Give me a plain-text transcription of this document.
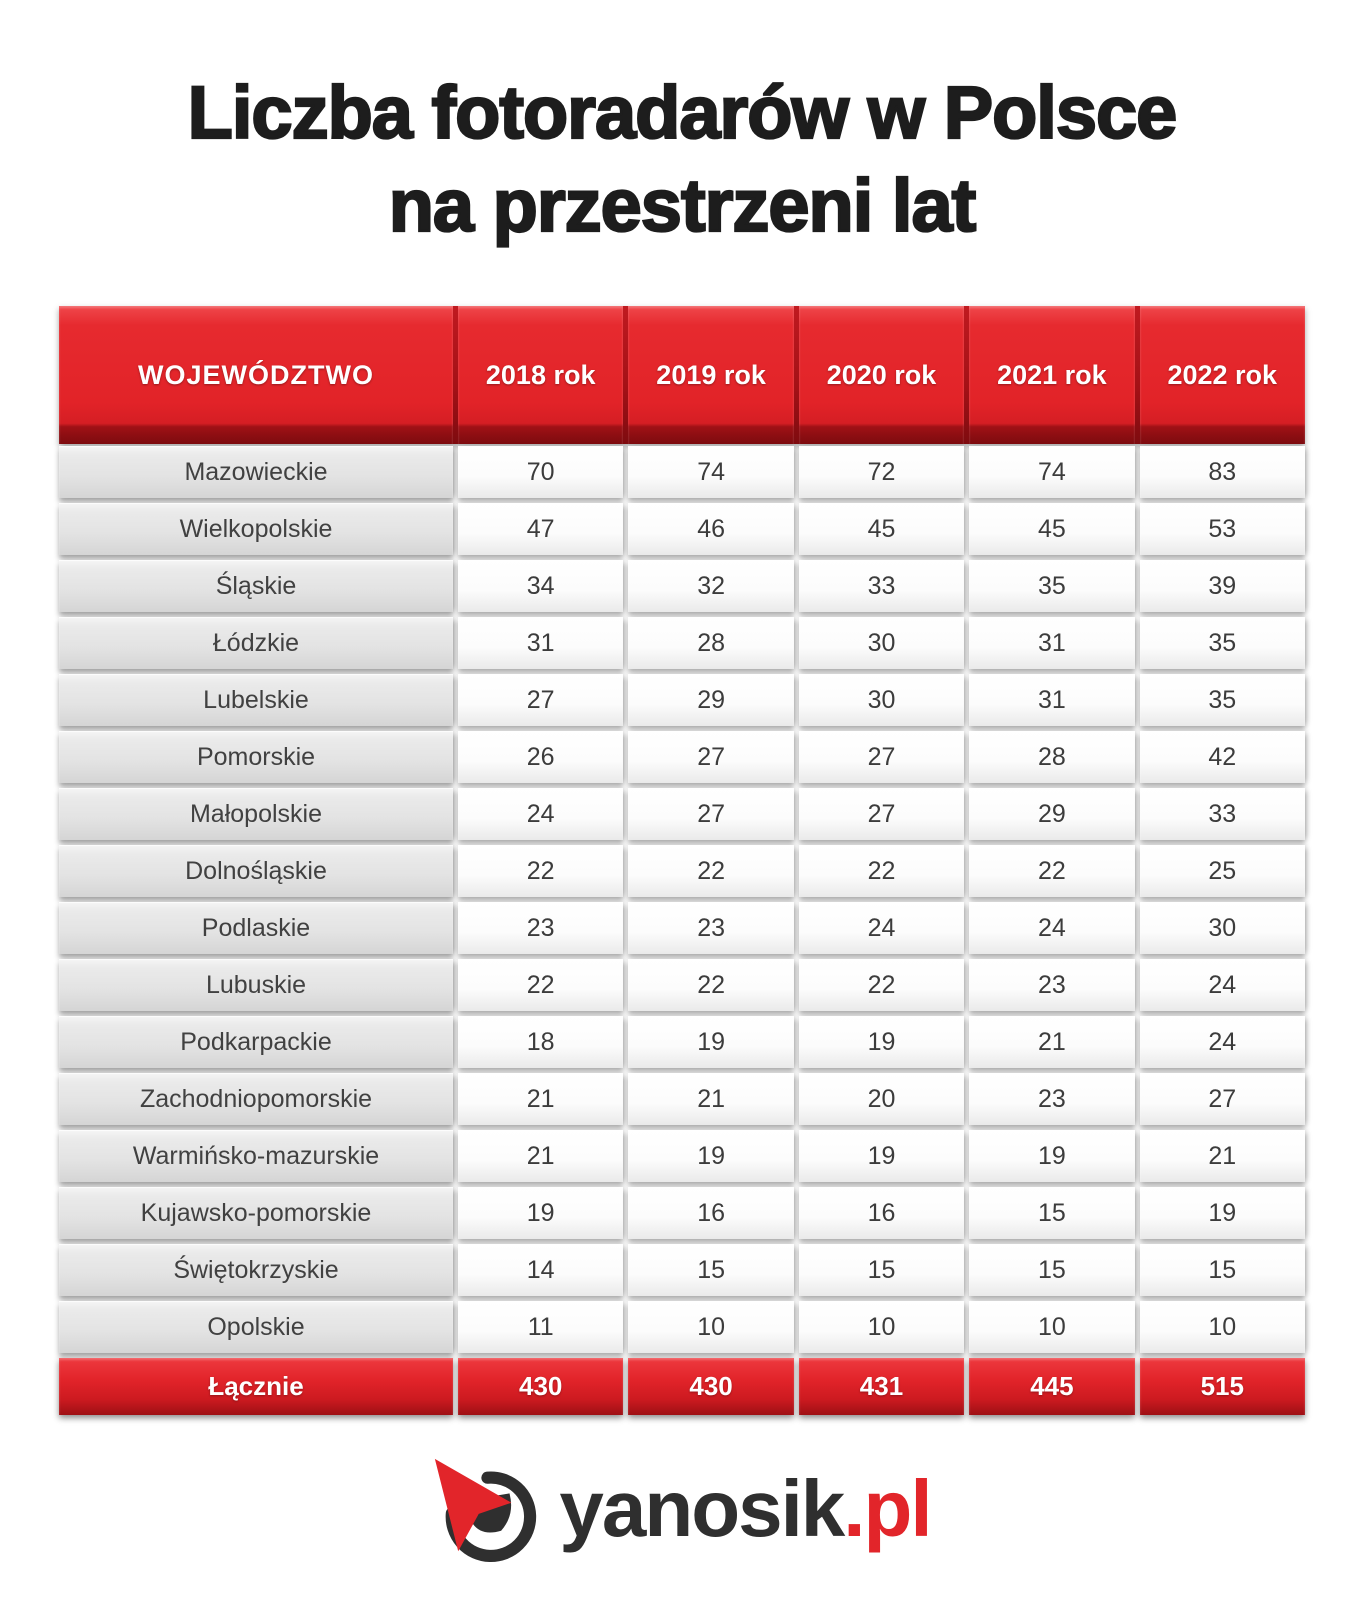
Liczba fotoradarów w Polsce
na przestrzeni lat
WOJEWÓDZTWO	2018 rok	2019 rok	2020 rok	2021 rok	2022 rok
Mazowieckie	70	74	72	74	83
Wielkopolskie	47	46	45	45	53
Śląskie	34	32	33	35	39
Łódzkie	31	28	30	31	35
Lubelskie	27	29	30	31	35
Pomorskie	26	27	27	28	42
Małopolskie	24	27	27	29	33
Dolnośląskie	22	22	22	22	25
Podlaskie	23	23	24	24	30
Lubuskie	22	22	22	23	24
Podkarpackie	18	19	19	21	24
Zachodniopomorskie	21	21	20	23	27
Warmińsko-mazurskie	21	19	19	19	21
Kujawsko-pomorskie	19	16	16	15	19
Świętokrzyskie	14	15	15	15	15
Opolskie	11	10	10	10	10
Łącznie	430	430	431	445	515
yanosik.pl
